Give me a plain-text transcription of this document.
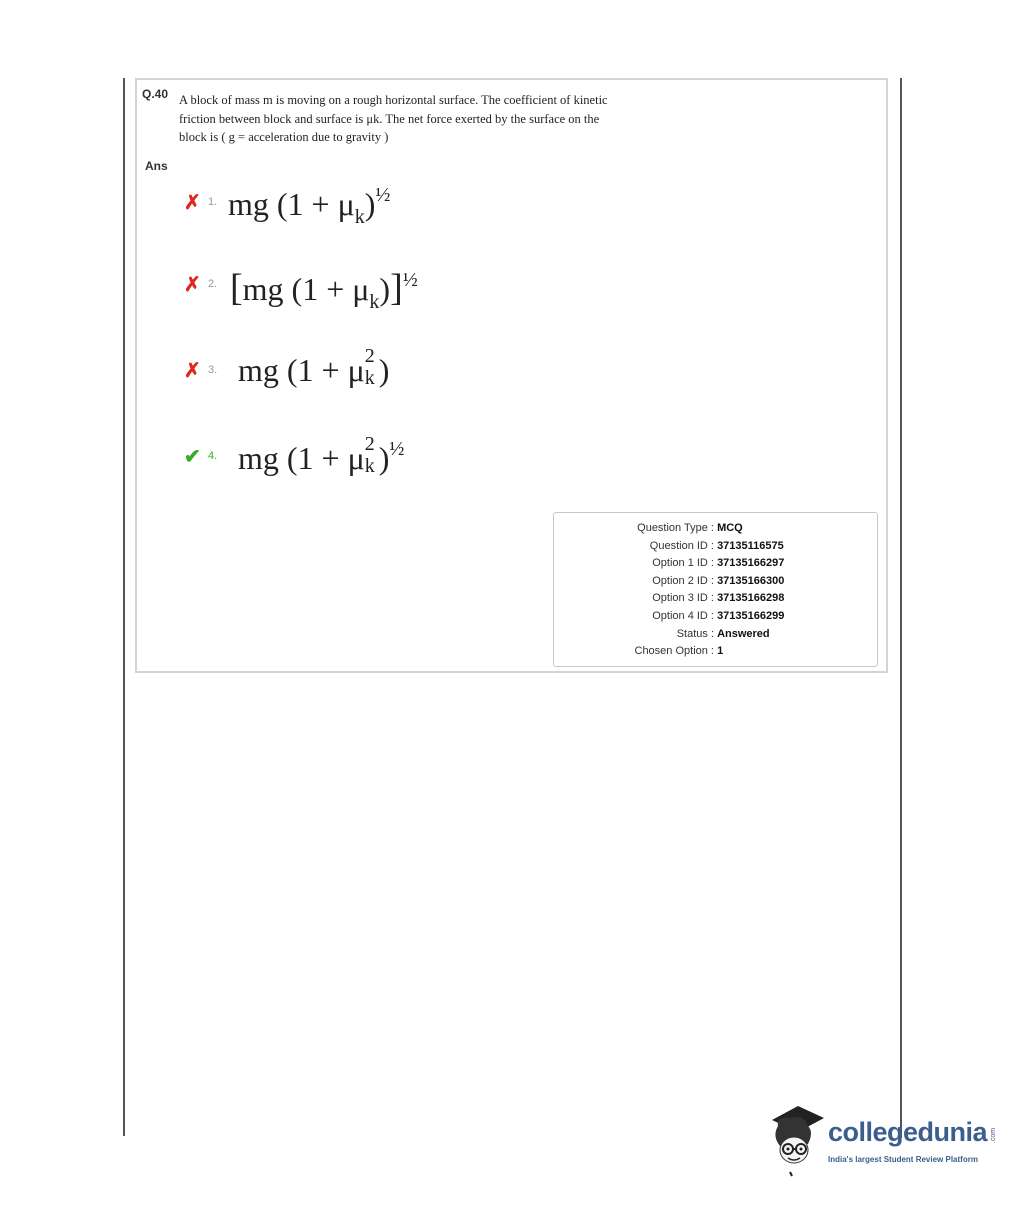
Q.40 A block of mass m is moving on a rough horizontal surface. The coefficient of kinetic
friction between block and surface is μk. The net force exerted by the surface on the
block is ( g = acceleration due to gravity )
Ans
✗ 1. mg $(1 + \mu_k)^{\frac{1}{2}}$
✗ 2. [mg $(1 + \mu_k)]^{\frac{1}{2}}$
✗ 3. mg (1 + μ 2
k )
✔ 4. mg (1 + μ 2
k )$^{\frac{1}{2}}$
Question Type : MCQ
Question ID : 37135116575
Option 1 ID : 37135166297
Option 2 ID : 37135166300
Option 3 ID : 37135166298
Option 4 ID : 37135166299
Status : Answered
Chosen Option : 1
collegedunia .com
India's largest Student Review Platform
